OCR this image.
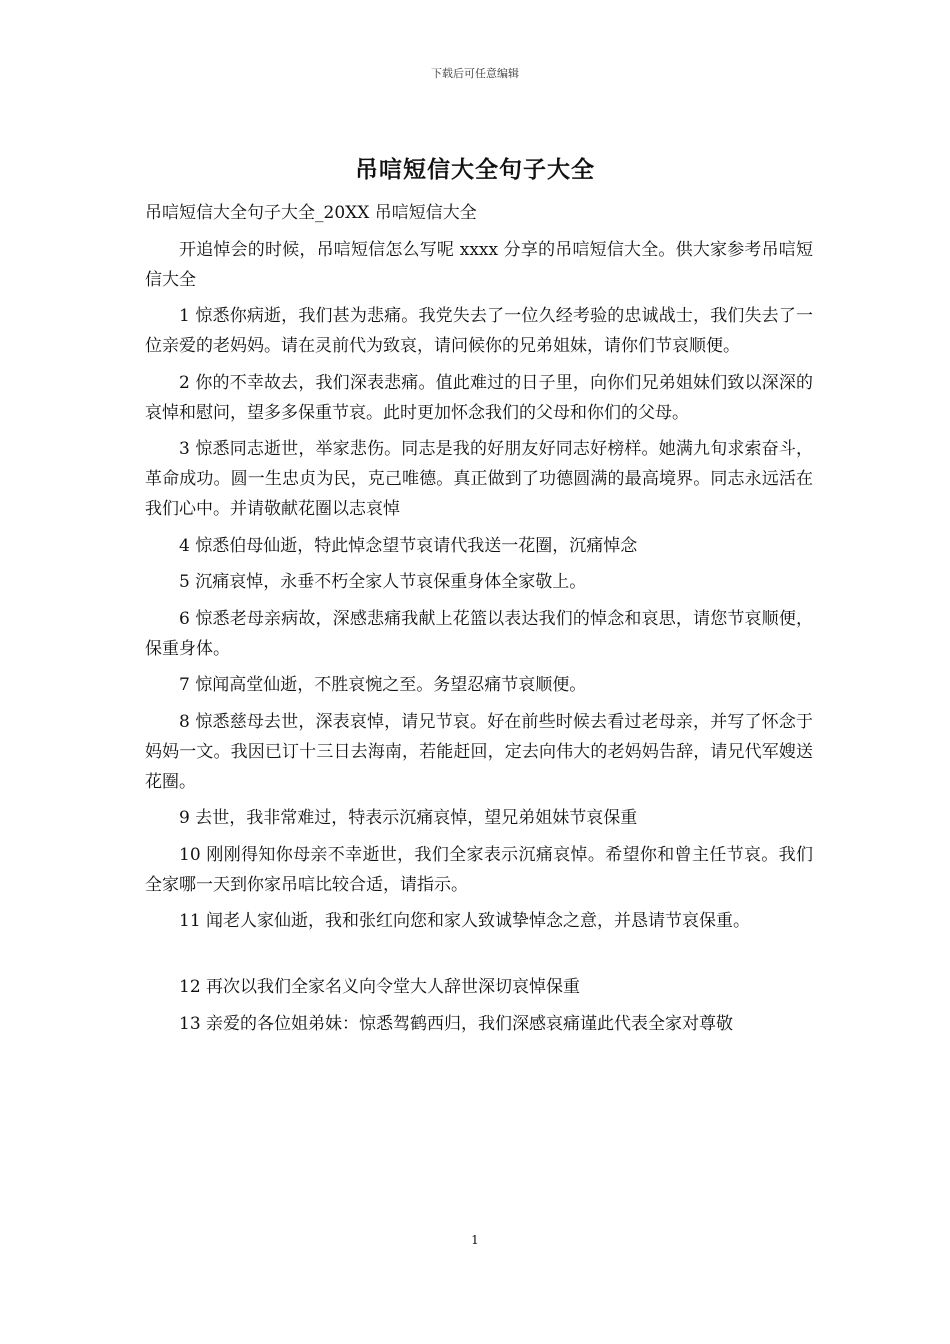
下载后可任意编辑
吊唁短信大全句子大全

吊唁短信大全句子大全_20XX 吊唁短信大全

开追悼会的时候，吊唁短信怎么写呢 xxxx 分享的吊唁短信大全。供大家参考吊唁短信大全

1 惊悉你病逝，我们甚为悲痛。我党失去了一位久经考验的忠诚战士，我们失去了一位亲爱的老妈妈。请在灵前代为致哀，请问候你的兄弟姐妹，请你们节哀顺便。

2 你的不幸故去，我们深表悲痛。值此难过的日子里，向你们兄弟姐妹们致以深深的哀悼和慰问，望多多保重节哀。此时更加怀念我们的父母和你们的父母。

3 惊悉同志逝世，举家悲伤。同志是我的好朋友好同志好榜样。她满九旬求索奋斗，革命成功。圆一生忠贞为民，克己唯德。真正做到了功德圆满的最高境界。同志永远活在我们心中。并请敬献花圈以志哀悼

4 惊悉伯母仙逝，特此悼念望节哀请代我送一花圈，沉痛悼念

5 沉痛哀悼，永垂不朽全家人节哀保重身体全家敬上。

6 惊悉老母亲病故，深感悲痛我献上花篮以表达我们的悼念和哀思，请您节哀顺便，保重身体。

7 惊闻高堂仙逝，不胜哀惋之至。务望忍痛节哀顺便。

8 惊悉慈母去世，深表哀悼，请兄节哀。好在前些时候去看过老母亲，并写了怀念于妈妈一文。我因已订十三日去海南，若能赶回，定去向伟大的老妈妈告辞，请兄代军嫂送花圈。

9 去世，我非常难过，特表示沉痛哀悼，望兄弟姐妹节哀保重

10 刚刚得知你母亲不幸逝世，我们全家表示沉痛哀悼。希望你和曾主任节哀。我们全家哪一天到你家吊唁比较合适，请指示。

11 闻老人家仙逝，我和张红向您和家人致诚挚悼念之意，并恳请节哀保重。

12 再次以我们全家名义向令堂大人辞世深切哀悼保重

13 亲爱的各位姐弟妹：惊悉驾鹤西归，我们深感哀痛谨此代表全家对尊敬

1
